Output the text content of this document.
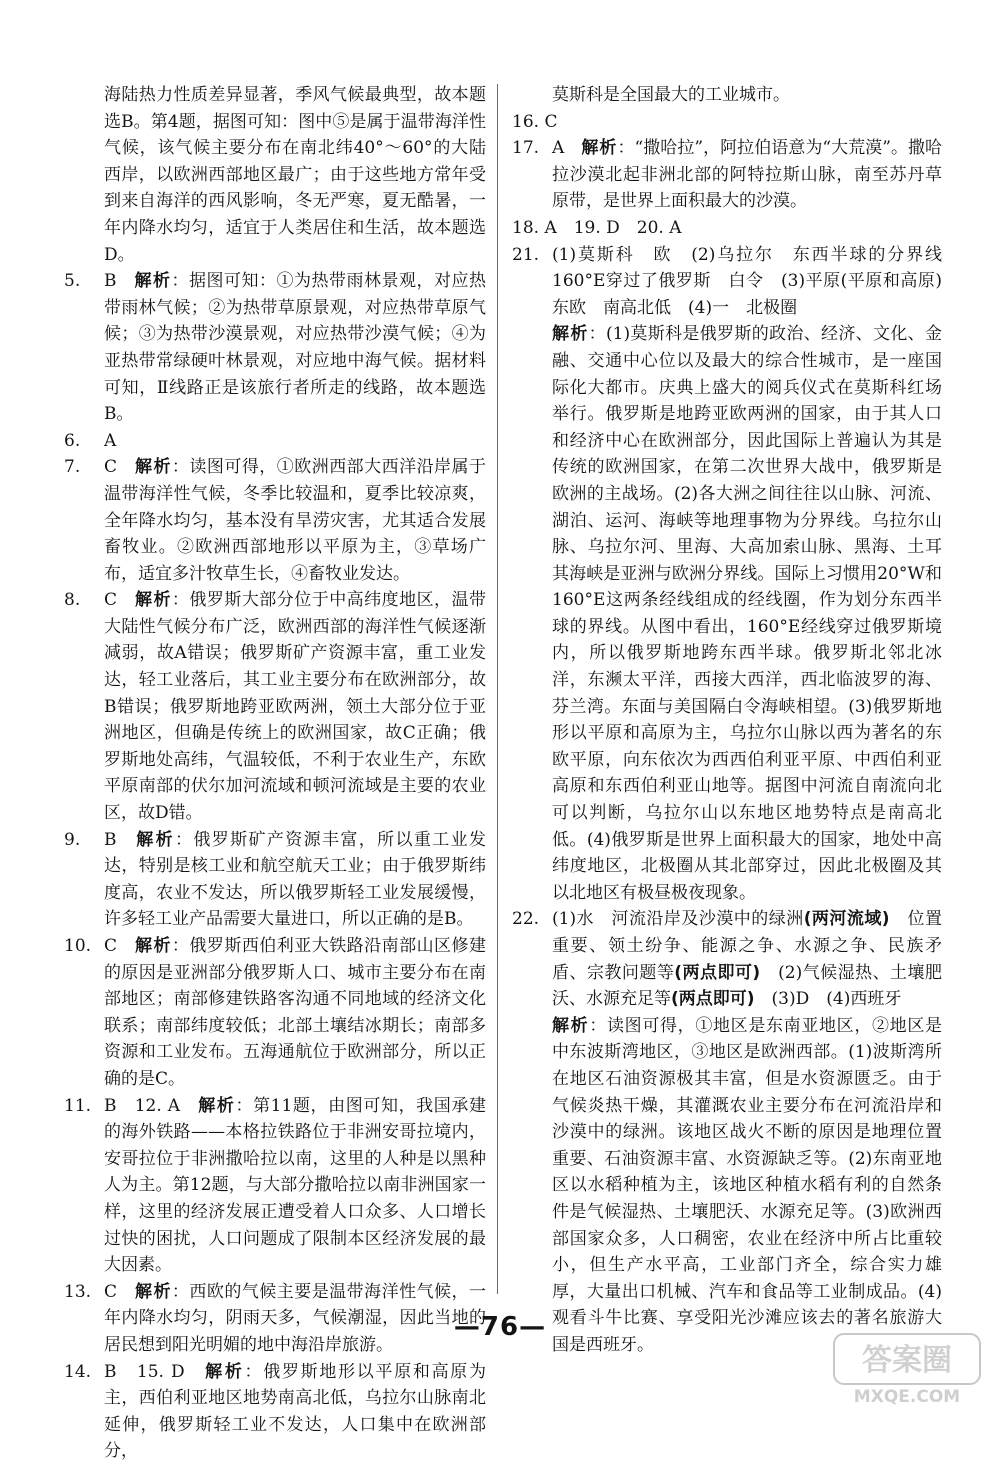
海陆热力性质差异显著，季风气候最典型，故本题选B。第4题，据图可知：图中⑤是属于温带海洋性气候，该气候主要分布在南北纬40°～60°的大陆西岸，以欧洲西部地区最广；由于这些地方常年受到来自海洋的西风影响，冬无严寒，夏无酷暑，一年内降水均匀，适宜于人类居住和生活，故本题选D。

5. B　 解析：据图可知：①为热带雨林景观，对应热带雨林气候；②为热带草原景观，对应热带草原气候；③为热带沙漠景观，对应热带沙漠气候；④为亚热带常绿硬叶林景观，对应地中海气候。据材料可知，Ⅱ线路正是该旅行者所走的线路，故本题选B。

6. A

7. C　 解析：读图可得，①欧洲西部大西洋沿岸属于温带海洋性气候，冬季比较温和，夏季比较凉爽，全年降水均匀，基本没有旱涝灾害，尤其适合发展畜牧业。②欧洲西部地形以平原为主，③草场广布，适宜多汁牧草生长，④畜牧业发达。

8. C　 解析：俄罗斯大部分位于中高纬度地区，温带大陆性气候分布广泛，欧洲西部的海洋性气候逐渐减弱，故A错误；俄罗斯矿产资源丰富，重工业发达，轻工业落后，其工业主要分布在欧洲部分，故B错误；俄罗斯地跨亚欧两洲，领土大部分位于亚洲地区，但确是传统上的欧洲国家，故C正确；俄罗斯地处高纬，气温较低，不利于农业生产，东欧平原南部的伏尔加河流域和顿河流域是主要的农业区，故D错。

9. B　 解析：俄罗斯矿产资源丰富，所以重工业发达，特别是核工业和航空航天工业；由于俄罗斯纬度高，农业不发达，所以俄罗斯轻工业发展缓慢，许多轻工业产品需要大量进口，所以正确的是B。

10. C　 解析：俄罗斯西伯利亚大铁路沿南部山区修建的原因是亚洲部分俄罗斯人口、城市主要分布在南部地区；南部修建铁路客沟通不同地域的经济文化联系；南部纬度较低；北部土壤结冰期长；南部多资源和工业发布。五海通航位于欧洲部分，所以正确的是C。

11. B　12. A　 解析：第11题，由图可知，我国承建的海外铁路——本格拉铁路位于非洲安哥拉境内，安哥拉位于非洲撒哈拉以南，这里的人种是以黑种人为主。第12题，与大部分撒哈拉以南非洲国家一样，这里的经济发展正遭受着人口众多、人口增长过快的困扰，人口问题成了限制本区经济发展的最大因素。

13. C　 解析：西欧的气候主要是温带海洋性气候，一年内降水均匀，阴雨天多，气候潮湿，因此当地的居民想到阳光明媚的地中海沿岸旅游。

14. B　15. D　 解析：俄罗斯地形以平原和高原为主，西伯利亚地区地势南高北低，乌拉尔山脉南北延伸，俄罗斯轻工业不发达，人口集中在欧洲部分，

莫斯科是全国最大的工业城市。

16. C

17. A　 解析：“撒哈拉”，阿拉伯语意为“大荒漠”。撒哈拉沙漠北起非洲北部的阿特拉斯山脉，南至苏丹草原带，是世界上面积最大的沙漠。

18. A　19. D　20. A

21. (1)莫斯科　欧　(2)乌拉尔　东西半球的分界线　160°E穿过了俄罗斯　白令　(3)平原(平原和高原)　东欧　南高北低　(4)一　北极圈

解析：(1)莫斯科是俄罗斯的政治、经济、文化、金融、交通中心位以及最大的综合性城市，是一座国际化大都市。庆典上盛大的阅兵仪式在莫斯科红场举行。俄罗斯是地跨亚欧两洲的国家，由于其人口和经济中心在欧洲部分，因此国际上普遍认为其是传统的欧洲国家，在第二次世界大战中，俄罗斯是欧洲的主战场。(2)各大洲之间往往以山脉、河流、湖泊、运河、海峡等地理事物为分界线。乌拉尔山脉、乌拉尔河、里海、大高加索山脉、黑海、土耳其海峡是亚洲与欧洲分界线。国际上习惯用20°W和160°E这两条经线组成的经线圈，作为划分东西半球的界线。从图中看出，160°E经线穿过俄罗斯境内，所以俄罗斯地跨东西半球。俄罗斯北邻北冰洋，东濒太平洋，西接大西洋，西北临波罗的海、芬兰湾。东面与美国隔白令海峡相望。(3)俄罗斯地形以平原和高原为主，乌拉尔山脉以西为著名的东欧平原，向东依次为西西伯利亚平原、中西伯利亚高原和东西伯利亚山地等。据图中河流自南流向北可以判断，乌拉尔山以东地区地势特点是南高北低。(4)俄罗斯是世界上面积最大的国家，地处中高纬度地区，北极圈从其北部穿过，因此北极圈及其以北地区有极昼极夜现象。

22. (1)水　河流沿岸及沙漠中的绿洲(两河流域)　位置重要、领土纷争、能源之争、水源之争、民族矛盾、宗教问题等(两点即可)　(2)气候湿热、土壤肥沃、水源充足等(两点即可)　(3)D　(4)西班牙

解析：读图可得，①地区是东南亚地区，②地区是中东波斯湾地区，③地区是欧洲西部。(1)波斯湾所在地区石油资源极其丰富，但是水资源匮乏。由于气候炎热干燥，其灌溉农业主要分布在河流沿岸和沙漠中的绿洲。该地区战火不断的原因是地理位置重要、石油资源丰富、水资源缺乏等。(2)东南亚地区以水稻种植为主，该地区种植水稻有利的自然条件是气候湿热、土壤肥沃、水源充足等。(3)欧洲西部国家众多，人口稠密，农业在经济中所占比重较小，但生产水平高，工业部门齐全，综合实力雄厚，大量出口机械、汽车和食品等工业制成品。(4)观看斗牛比赛、享受阳光沙滩应该去的著名旅游大国是西班牙。

—76—
答案圈
MXQE.COM
